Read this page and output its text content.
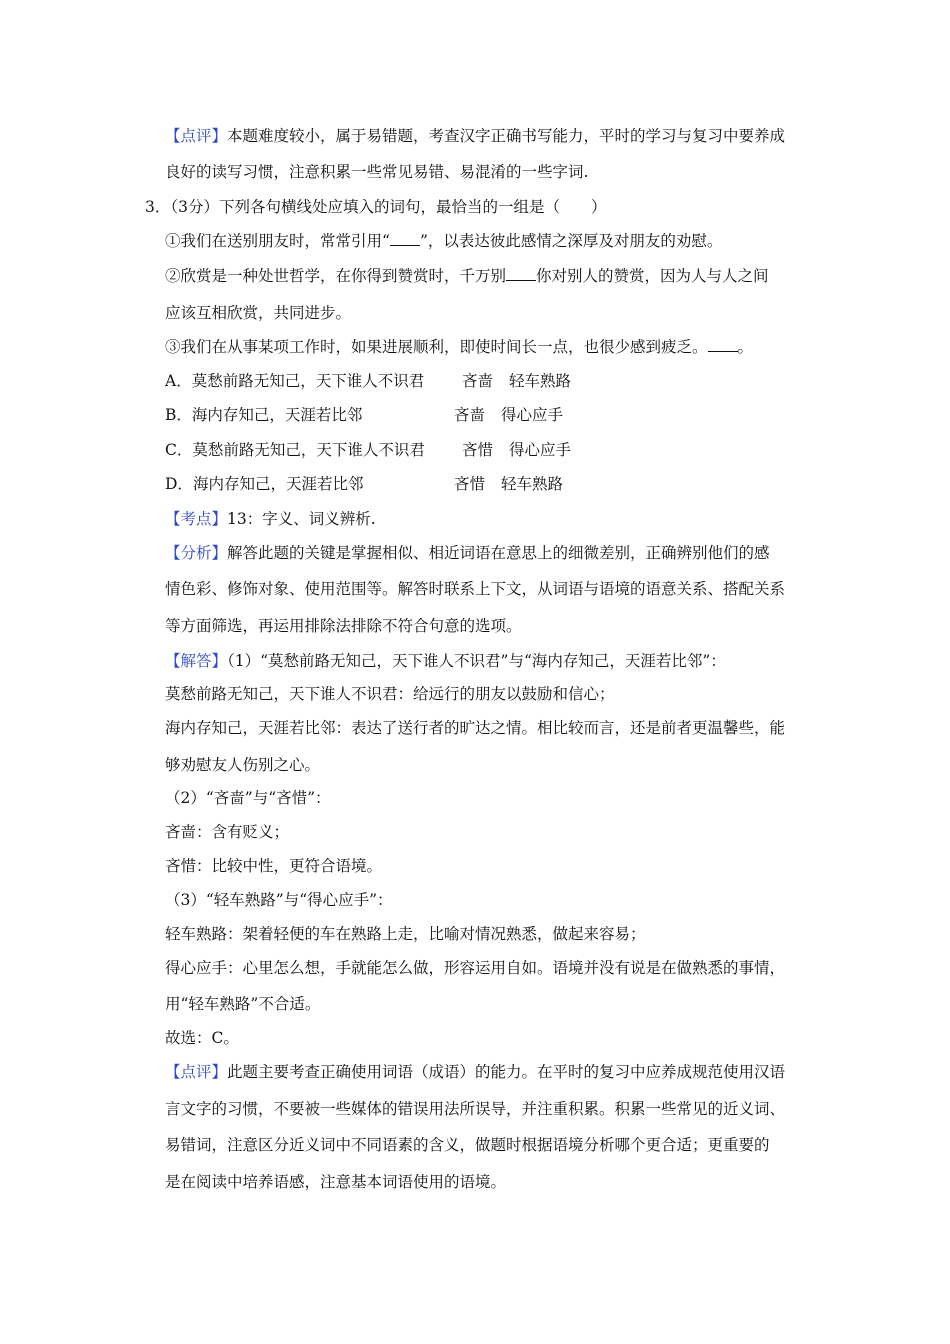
【点评】本题难度较小，属于易错题，考查汉字正确书写能力，平时的学习与复习中要养成
良好的读写习惯，注意积累一些常见易错、易混淆的一些字词.
3．（3分）下列各句横线处应填入的词句，最恰当的一组是（　　）
①我们在送别朋友时，常常引用“ ”，以表达彼此感情之深厚及对朋友的劝慰。
②欣赏是一种处世哲学，在你得到赞赏时，千万别 你对别人的赞赏，因为人与人之间
应该互相欣赏，共同进步。
③我们在从事某项工作时，如果进展顺利，即使时间长一点，也很少感到疲乏。 。
A．莫愁前路无知己，天下谁人不识君 吝啬 轻车熟路
B．海内存知己，天涯若比邻	吝啬 得心应手
C．莫愁前路无知己，天下谁人不识君 吝惜 得心应手
D．海内存知己，天涯若比邻	吝惜 轻车熟路
【考点】13：字义、词义辨析.
【分析】解答此题的关键是掌握相似、相近词语在意思上的细微差别，正确辨别他们的感
情色彩、修饰对象、使用范围等。解答时联系上下文，从词语与语境的语意关系、搭配关系
等方面筛选，再运用排除法排除不符合句意的选项。
【解答】（1）“莫愁前路无知己，天下谁人不识君”与“海内存知己，天涯若比邻”：
莫愁前路无知己，天下谁人不识君：给远行的朋友以鼓励和信心；
海内存知己，天涯若比邻：表达了送行者的旷达之情。相比较而言，还是前者更温馨些，能
够劝慰友人伤别之心。
（2）“吝啬”与“吝惜”：
吝啬：含有贬义；
吝惜：比较中性，更符合语境。
（3）“轻车熟路”与“得心应手”：
轻车熟路：架着轻便的车在熟路上走，比喻对情况熟悉，做起来容易；
得心应手：心里怎么想，手就能怎么做，形容运用自如。语境并没有说是在做熟悉的事情，
用“轻车熟路”不合适。
故选：C。
【点评】此题主要考查正确使用词语（成语）的能力。在平时的复习中应养成规范使用汉语
言文字的习惯，不要被一些媒体的错误用法所误导，并注重积累。积累一些常见的近义词、
易错词，注意区分近义词中不同语素的含义，做题时根据语境分析哪个更合适；更重要的
是在阅读中培养语感，注意基本词语使用的语境。
